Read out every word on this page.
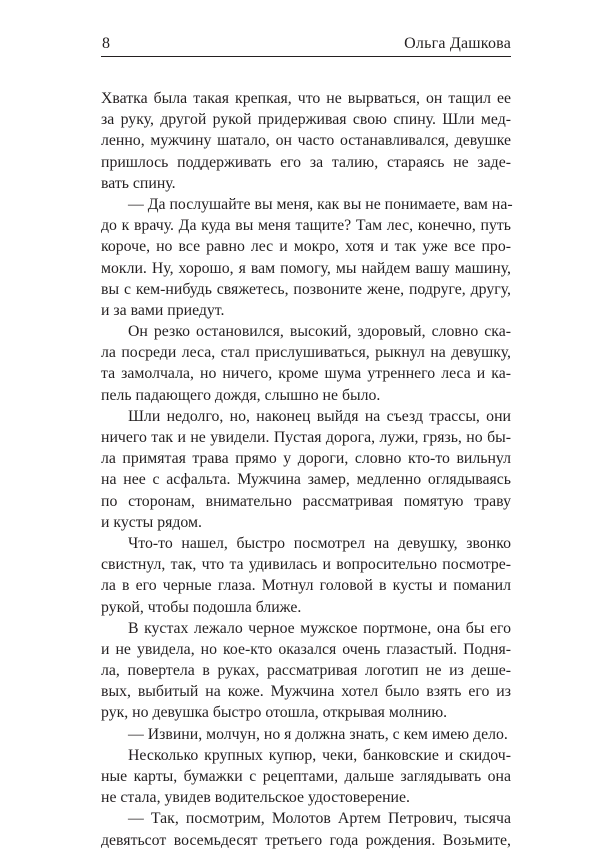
8	Ольга Дашкова
Хватка была такая крепкая, что не вырваться, он тащил ее
за руку, другой рукой придерживая свою спину. Шли мед-
ленно, мужчину шатало, он часто останавливался, девушке
пришлось поддерживать его за талию, стараясь не заде-
вать спину.
— Да послушайте вы меня, как вы не понимаете, вам на-
до к врачу. Да куда вы меня тащите? Там лес, конечно, путь
короче, но все равно лес и мокро, хотя и так уже все про-
мокли. Ну, хорошо, я вам помогу, мы найдем вашу машину,
вы с кем-нибудь свяжетесь, позвоните жене, подруге, другу,
и за вами приедут.
Он резко остановился, высокий, здоровый, словно ска-
ла посреди леса, стал прислушиваться, рыкнул на девушку,
та замолчала, но ничего, кроме шума утреннего леса и ка-
пель падающего дождя, слышно не было.
Шли недолго, но, наконец выйдя на съезд трассы, они
ничего так и не увидели. Пустая дорога, лужи, грязь, но бы-
ла примятая трава прямо у дороги, словно кто-то вильнул
на нее с асфальта. Мужчина замер, медленно оглядываясь
по сторонам, внимательно рассматривая помятую траву
и кусты рядом.
Что-то нашел, быстро посмотрел на девушку, звонко
свистнул, так, что та удивилась и вопросительно посмотре-
ла в его черные глаза. Мотнул головой в кусты и поманил
рукой, чтобы подошла ближе.
В кустах лежало черное мужское портмоне, она бы его
и не увидела, но кое-кто оказался очень глазастый. Подня-
ла, повертела в руках, рассматривая логотип не из деше-
вых, выбитый на коже. Мужчина хотел было взять его из
рук, но девушка быстро отошла, открывая молнию.
— Извини, молчун, но я должна знать, с кем имею дело.
Несколько крупных купюр, чеки, банковские и скидоч-
ные карты, бумажки с рецептами, дальше заглядывать она
не стала, увидев водительское удостоверение.
— Так, посмотрим, Молотов Артем Петрович, тысяча
девятьсот восемьдесят третьего года рождения. Возьмите,
